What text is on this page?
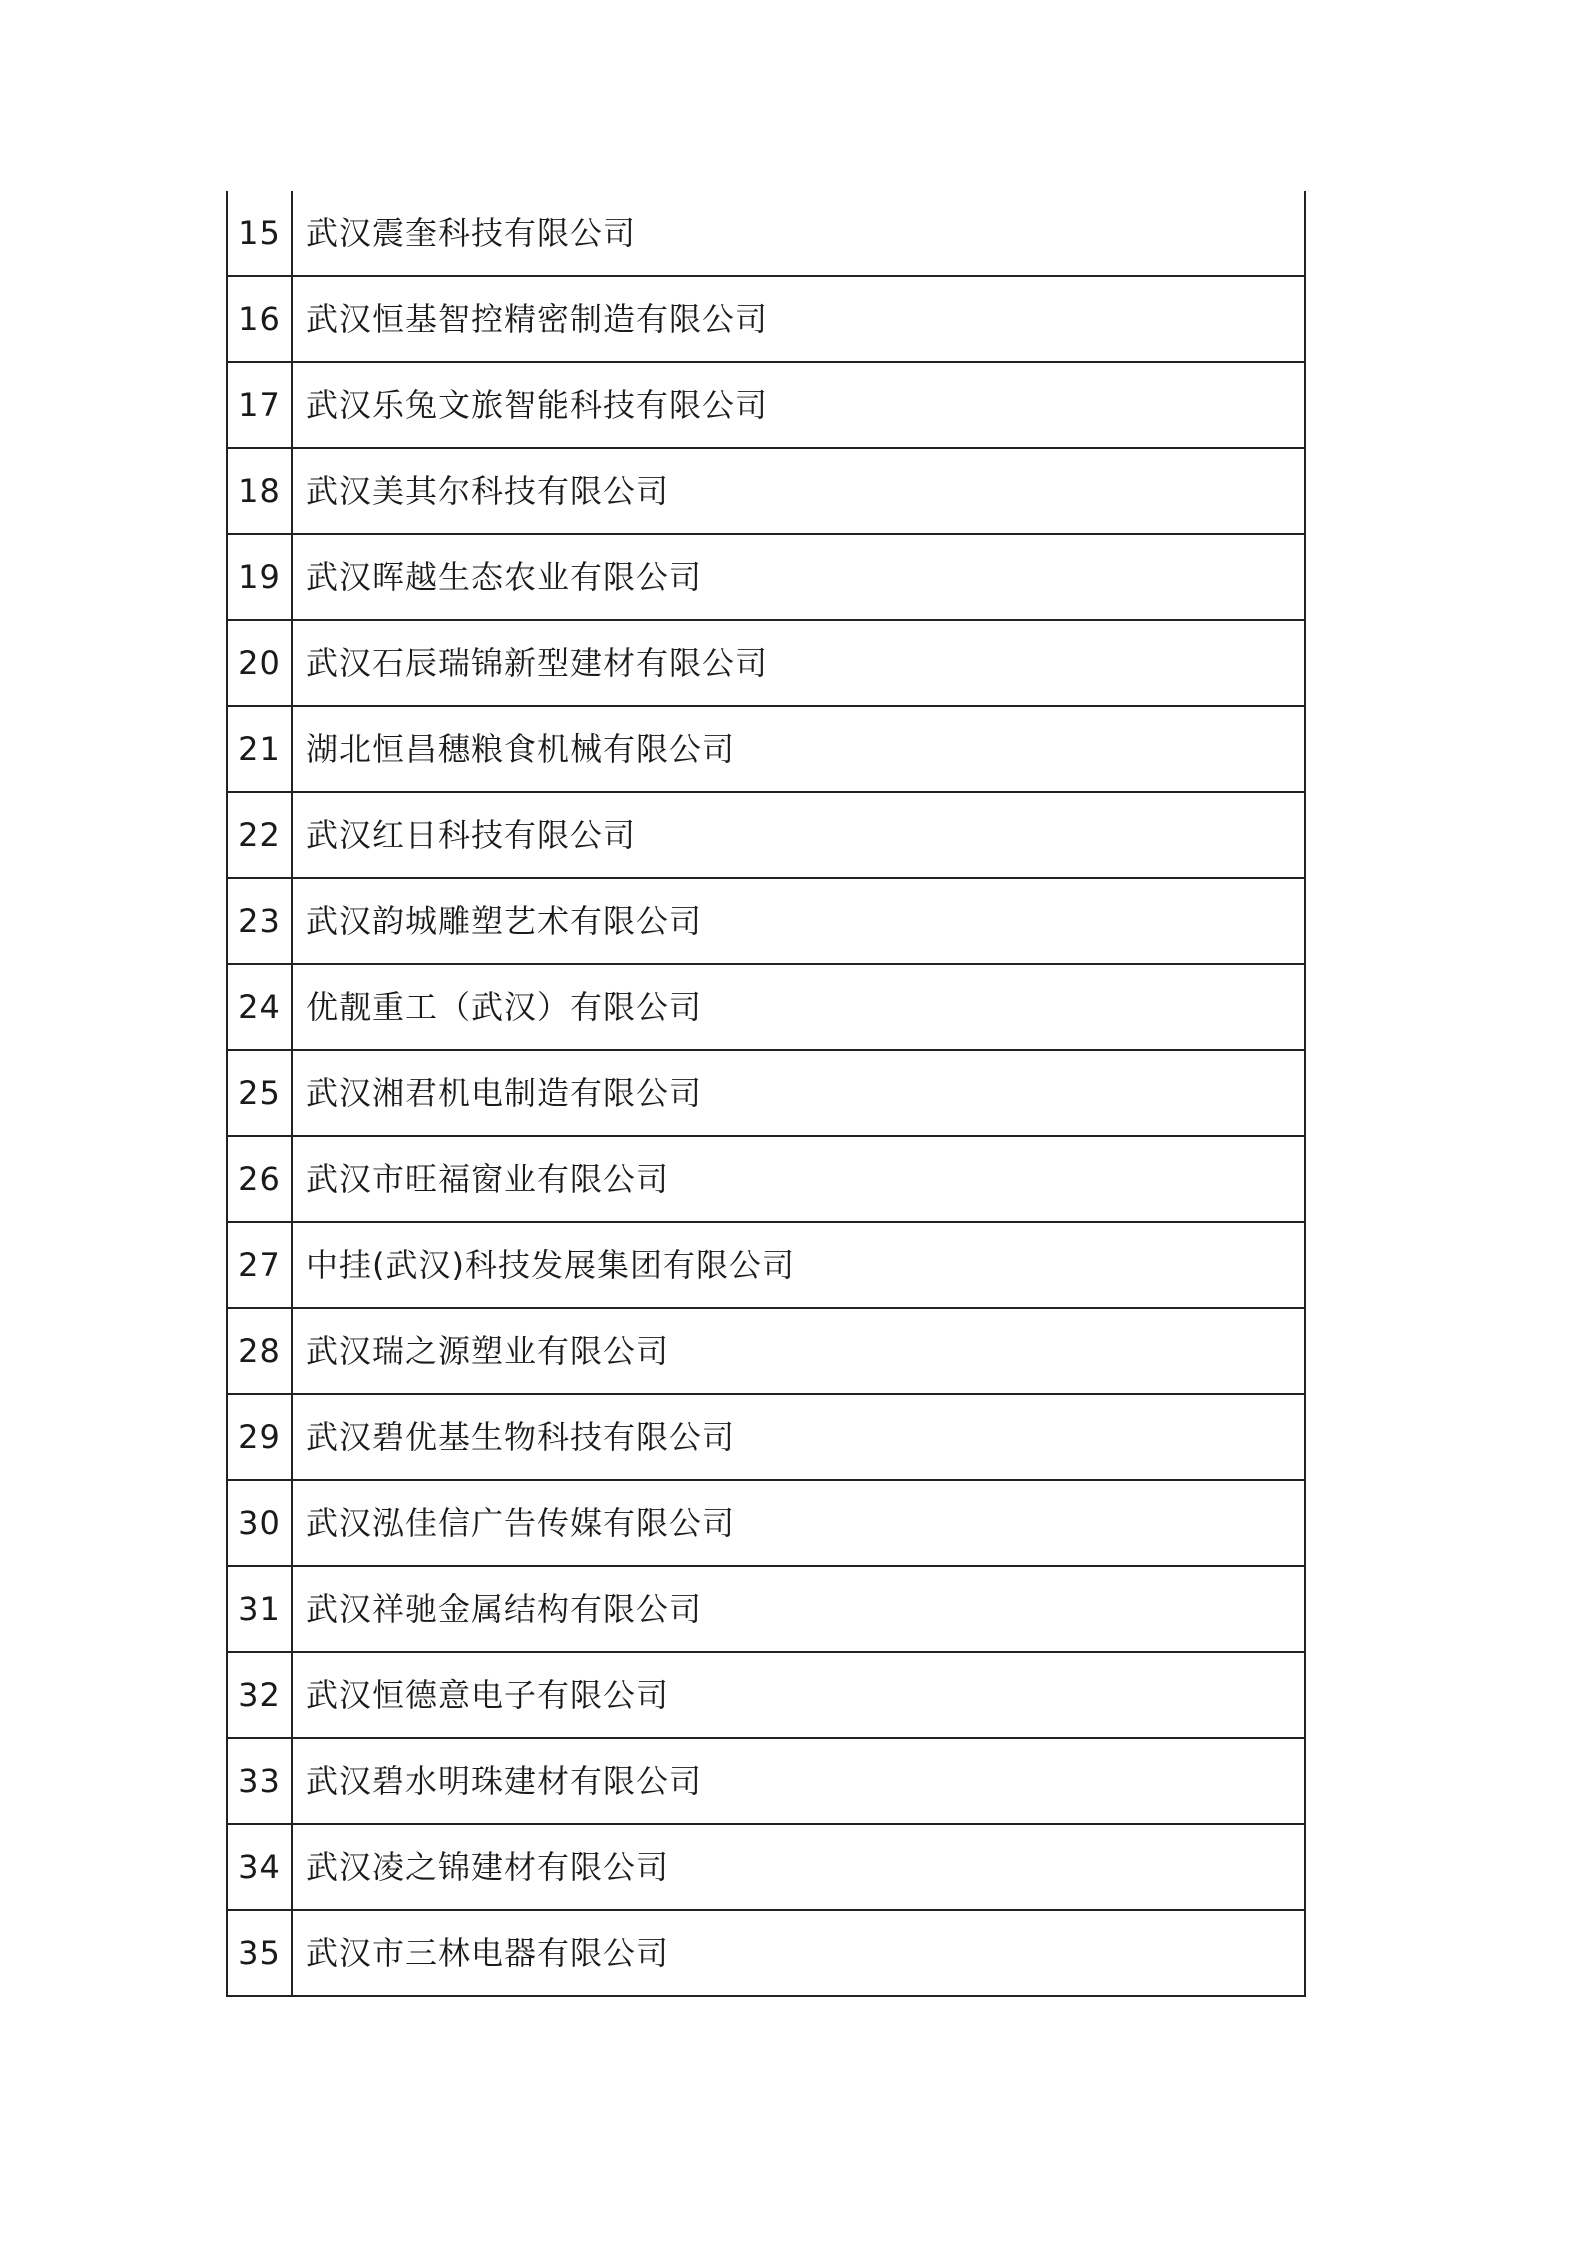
15	武汉震奎科技有限公司
16	武汉恒基智控精密制造有限公司
17	武汉乐兔文旅智能科技有限公司
18	武汉美其尔科技有限公司
19	武汉晖越生态农业有限公司
20	武汉石辰瑞锦新型建材有限公司
21	湖北恒昌穗粮食机械有限公司
22	武汉红日科技有限公司
23	武汉韵城雕塑艺术有限公司
24	优靓重工（武汉）有限公司
25	武汉湘君机电制造有限公司
26	武汉市旺福窗业有限公司
27	中挂(武汉)科技发展集团有限公司
28	武汉瑞之源塑业有限公司
29	武汉碧优基生物科技有限公司
30	武汉泓佳信广告传媒有限公司
31	武汉祥驰金属结构有限公司
32	武汉恒德意电子有限公司
33	武汉碧水明珠建材有限公司
34	武汉凌之锦建材有限公司
35	武汉市三林电器有限公司
